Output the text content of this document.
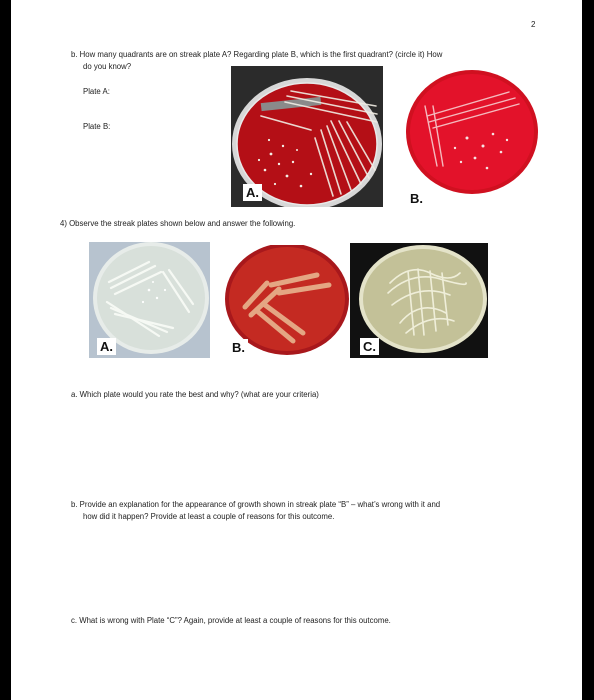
2
b. How many quadrants are on streak plate A? Regarding plate B, which is the first quadrant? (circle it) How
do you know?
Plate A:
Plate B:
A.	B.
4) Observe the streak plates shown below and answer the following.
A.	B.	C.
a. Which plate would you rate the best and why? (what are your criteria)
b. Provide an explanation for the appearance of growth shown in streak plate “B” – what’s wrong with it and
how did it happen? Provide at least a couple of reasons for this outcome.
c. What is wrong with Plate “C”? Again, provide at least a couple of reasons for this outcome.
